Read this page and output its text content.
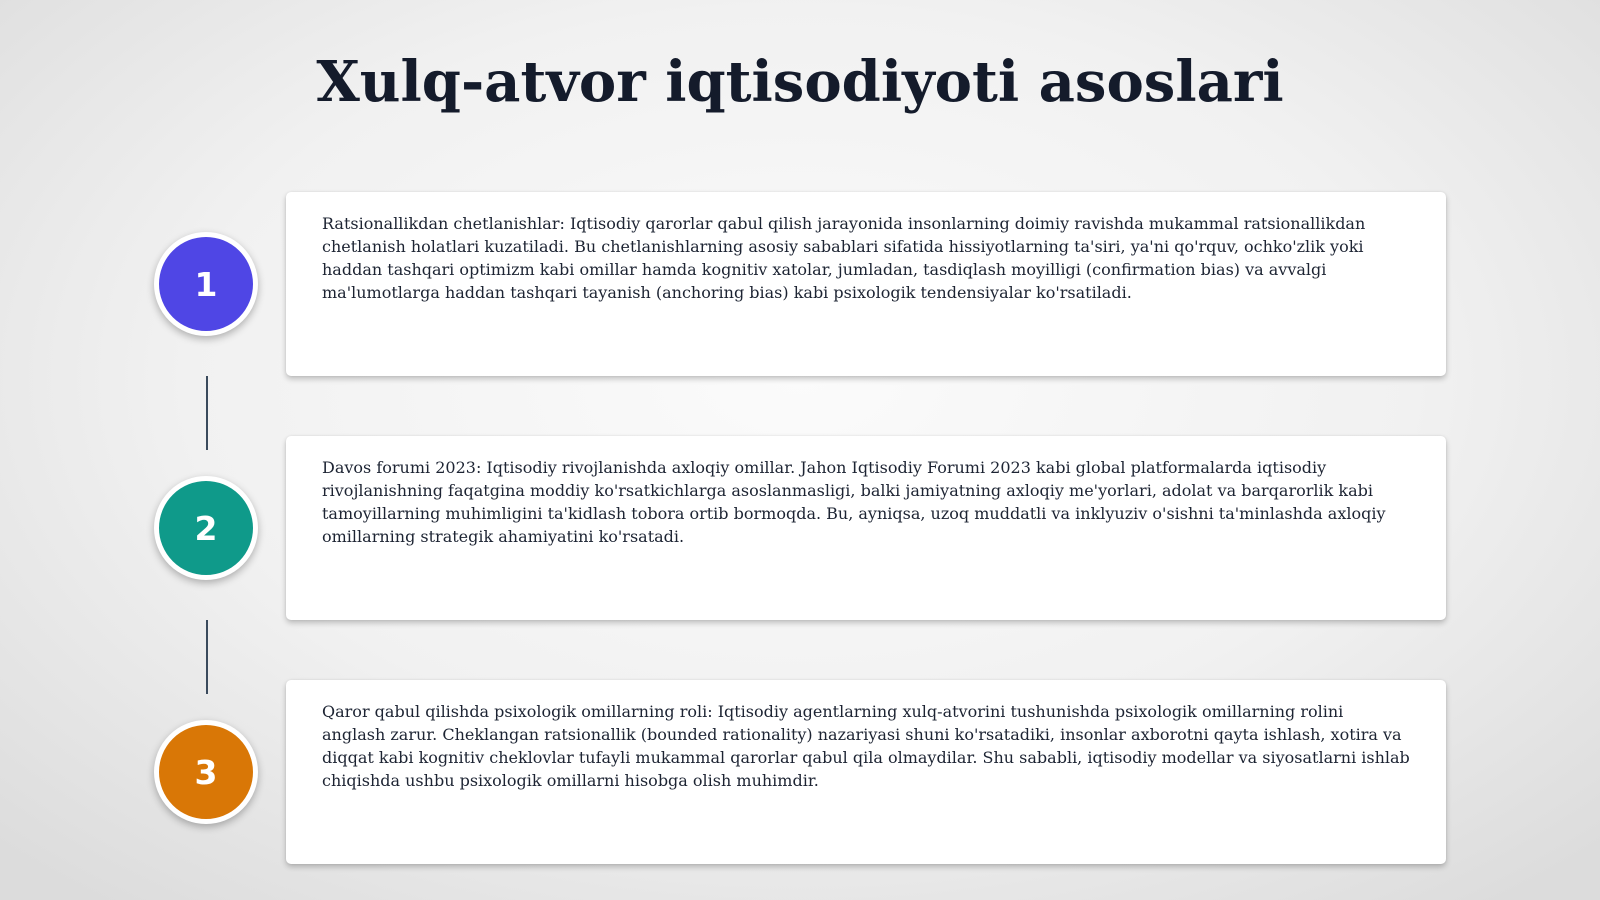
Xulq-atvor iqtisodiyoti asoslari
1

Ratsionallikdan chetlanishlar: Iqtisodiy qarorlar qabul qilish jarayonida insonlarning doimiy ravishda mukammal ratsionallikdan chetlanish holatlari kuzatiladi. Bu chetlanishlarning asosiy sabablari sifatida hissiyotlarning ta'siri, ya'ni qo'rquv, ochko'zlik yoki haddan tashqari optimizm kabi omillar hamda kognitiv xatolar, jumladan, tasdiqlash moyilligi (confirmation bias) va avvalgi ma'lumotlarga haddan tashqari tayanish (anchoring bias) kabi psixologik tendensiyalar ko'rsatiladi.

2

Davos forumi 2023: Iqtisodiy rivojlanishda axloqiy omillar. Jahon Iqtisodiy Forumi 2023 kabi global platformalarda iqtisodiy rivojlanishning faqatgina moddiy ko'rsatkichlarga asoslanmasligi, balki jamiyatning axloqiy me'yorlari, adolat va barqarorlik kabi tamoyillarning muhimligini ta'kidlash tobora ortib bormoqda. Bu, ayniqsa, uzoq muddatli va inklyuziv o'sishni ta'minlashda axloqiy omillarning strategik ahamiyatini ko'rsatadi.

3

Qaror qabul qilishda psixologik omillarning roli: Iqtisodiy agentlarning xulq-atvorini tushunishda psixologik omillarning rolini anglash zarur. Cheklangan ratsionallik (bounded rationality) nazariyasi shuni ko'rsatadiki, insonlar axborotni qayta ishlash, xotira va diqqat kabi kognitiv cheklovlar tufayli mukammal qarorlar qabul qila olmaydilar. Shu sababli, iqtisodiy modellar va siyosatlarni ishlab chiqishda ushbu psixologik omillarni hisobga olish muhimdir.
